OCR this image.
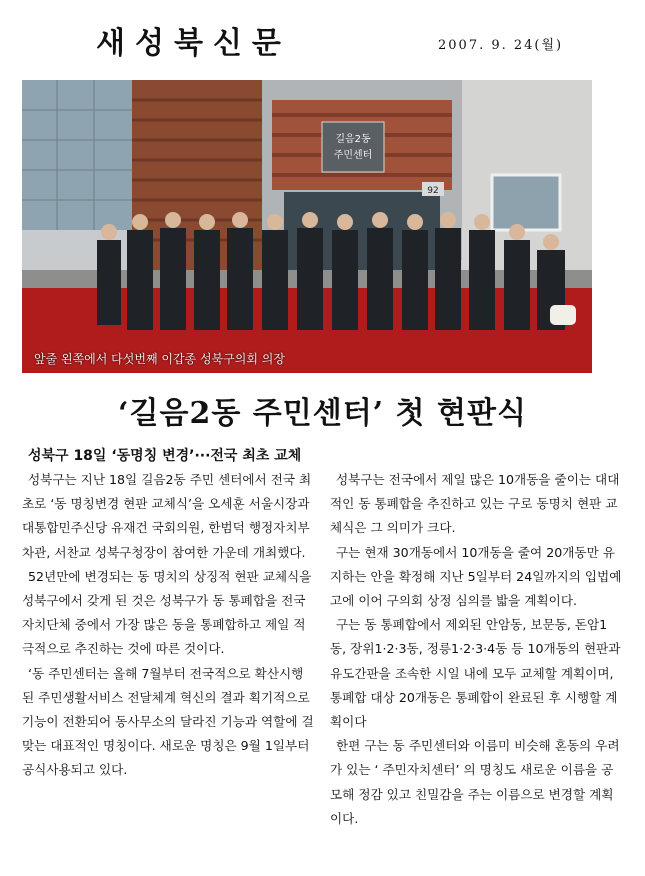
새성북신문	2007. 9. 24(월)
길음2동
주민센터
92
앞줄 왼쪽에서 다섯번째 이갑종 성북구의회 의장
‘길음2동 주민센터’ 첫 현판식
성북구 18일 ‘동명칭 변경’···전국 최초 교체

성북구는 지난 18일 길음2동 주민 센터에서 전국 최초로 ‘동 명칭변경 현판 교체식’을 오세훈 서울시장과 대통합민주신당 유재건 국회의원, 한범덕 행정자치부 차관, 서찬교 성북구청장이 참여한 가운데 개최했다.

52년만에 변경되는 동 명치의 상징적 현판 교체식을 성북구에서 갖게 된 것은 성북구가 동 통폐합을 전국 자치단체 중에서 가장 많은 동을 통폐합하고 제일 적극적으로 추진하는 것에 따른 것이다.

‘동 주민센터는 올해 7월부터 전국적으로 확산시행된 주민생활서비스 전달체계 혁신의 결과 획기적으로 기능이 전환되어 동사무소의 달라진 기능과 역할에 걸 맞는 대표적인 명칭이다. 새로운 명칭은 9월 1일부터 공식사용되고 있다.

성북구는 전국에서 제일 많은 10개동을 줄이는 대대적인 동 통폐합을 추진하고 있는 구로 동명치 현판 교체식은 그 의미가 크다.

구는 현재 30개동에서 10개동을 줄여 20개동만 유지하는 안을 확정해 지난 5일부터 24일까지의 입법예고에 이어 구의회 상정 심의를 밟을 계획이다.

구는 동 통폐합에서 제외된 안암동, 보문동, 돈암1동, 장위1·2·3동, 정릉1·2·3·4동 등 10개동의 현판과 유도간판을 조속한 시일 내에 모두 교체할 계획이며, 통폐합 대상 20개동은 통폐합이 완료된 후 시행할 계획이다

한편 구는 동 주민센터와 이름미 비슷해 혼동의 우려가 있는 ‘ 주민자치센터’ 의 명칭도 새로운 이름을 공모해 정감 있고 친밀감을 주는 이름으로 변경할 계획이다.
